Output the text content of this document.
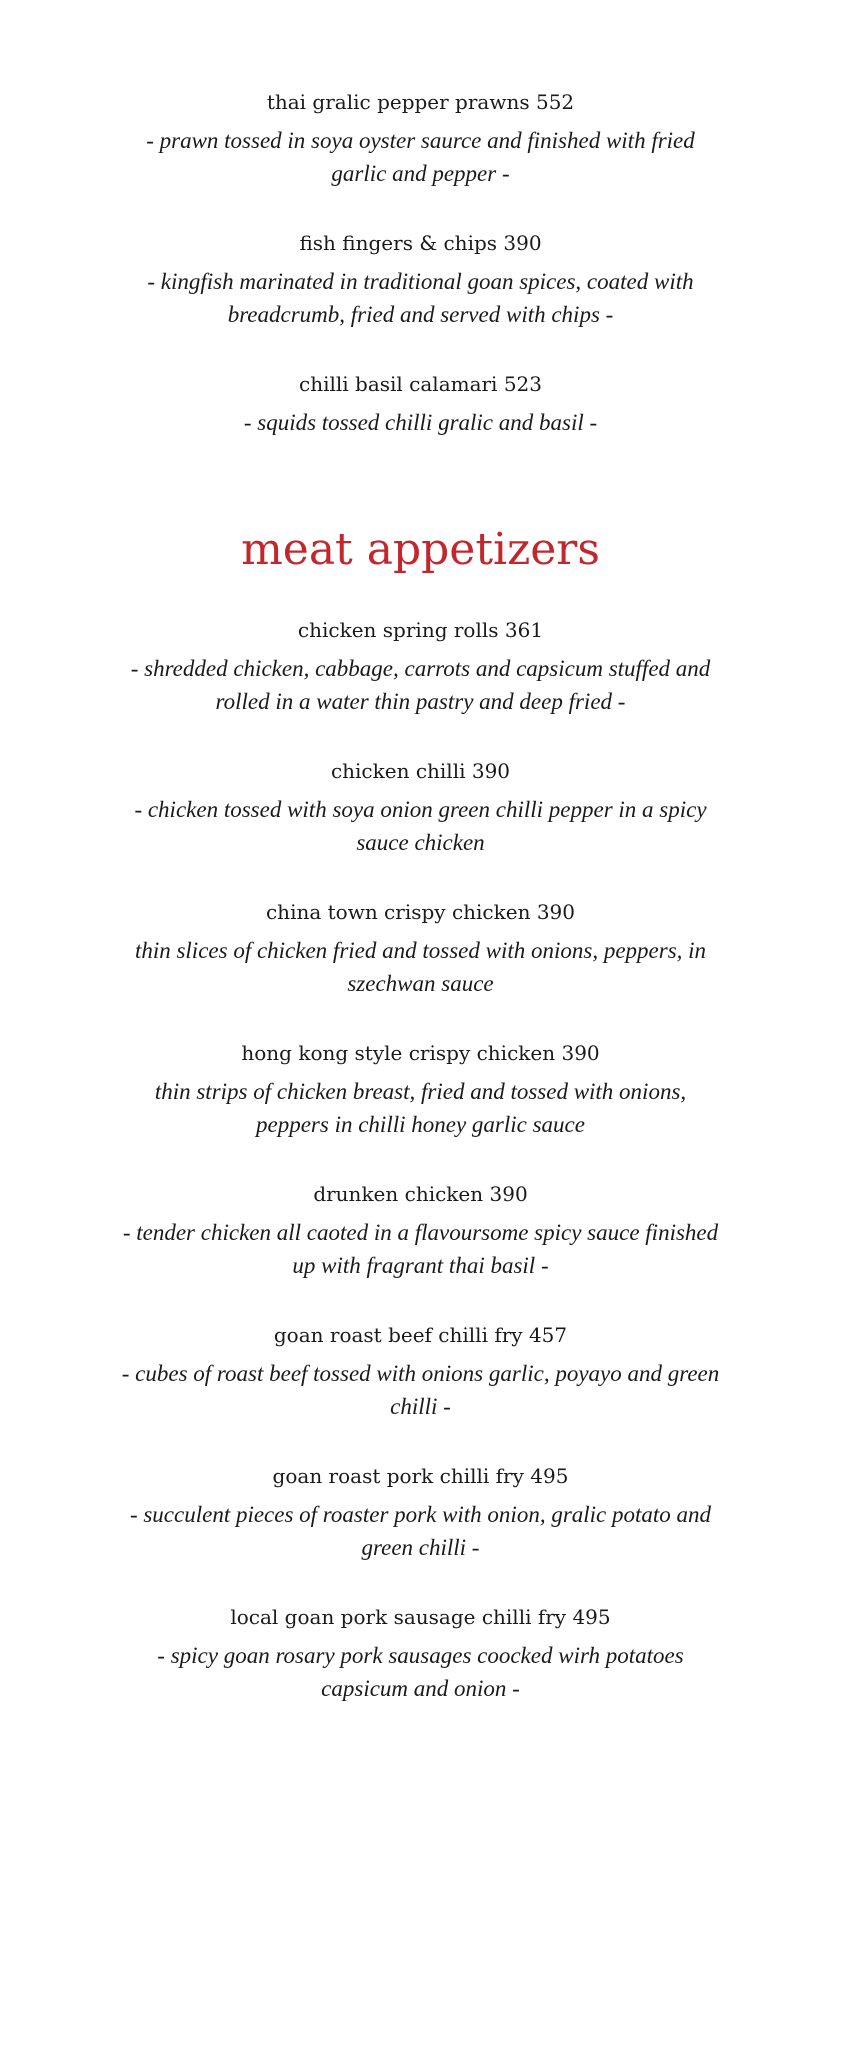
thai gralic pepper prawns 552
- prawn tossed in soya oyster saurce and finished with fried garlic and pepper -
fish fingers & chips 390
- kingfish marinated in traditional goan spices, coated with breadcrumb, fried and served with chips -
chilli basil calamari 523
- squids tossed chilli gralic and basil -
meat appetizers
chicken spring rolls 361
- shredded chicken, cabbage, carrots and capsicum stuffed and rolled in a water thin pastry and deep fried -
chicken chilli 390
- chicken tossed with soya onion green chilli pepper in a spicy sauce chicken
china town crispy chicken 390
thin slices of chicken fried and tossed with onions, peppers, in szechwan sauce
hong kong style crispy chicken 390
thin strips of chicken breast, fried and tossed with onions, peppers in chilli honey garlic sauce
drunken chicken 390
- tender chicken all caoted in a flavoursome spicy sauce finished up with fragrant thai basil -
goan roast beef chilli fry 457
- cubes of roast beef tossed with onions garlic, poyayo and green chilli -
goan roast pork chilli fry 495
- succulent pieces of roaster pork with onion, gralic potato and green chilli -
local goan pork sausage chilli fry 495
- spicy goan rosary pork sausages coocked wirh potatoes capsicum and onion -
